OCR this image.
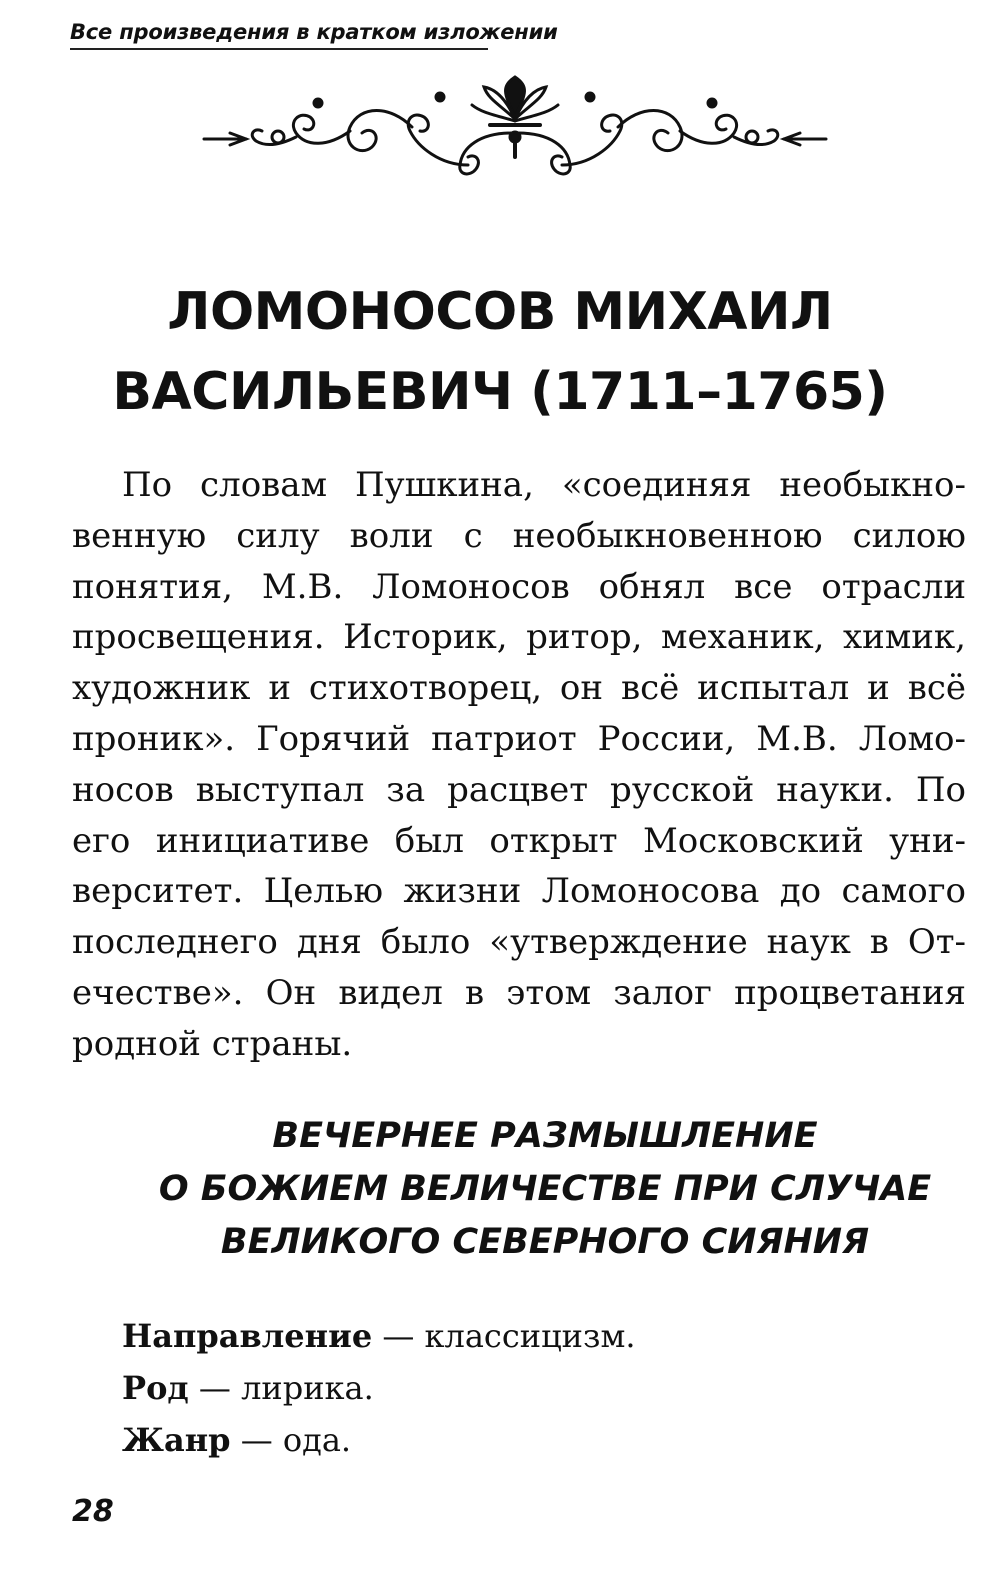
Все произведения в кратком изложении
ЛОМОНОСОВ МИХАИЛ
ВАСИЛЬЕВИЧ (1711–1765)
По словам Пушкина, «соединяя необыкно-
венную силу воли с необыкновенною силою
понятия, М.В. Ломоносов обнял все отрасли
просвещения. Историк, ритор, механик, химик,
художник и стихотворец, он всё испытал и всё
проник». Горячий патриот России, М.В. Ломо-
носов выступал за расцвет русской науки. По
его инициативе был открыт Московский уни-
верситет. Целью жизни Ломоносова до самого
последнего дня было «утверждение наук в От-
ечестве». Он видел в этом залог процветания
родной страны.
ВЕЧЕРНЕЕ РАЗМЫШЛЕНИЕ
О БОЖИЕМ ВЕЛИЧЕСТВЕ ПРИ СЛУЧАЕ
ВЕЛИКОГО СЕВЕРНОГО СИЯНИЯ
Направление — классицизм.
Род — лирика.
Жанр — ода.
28
